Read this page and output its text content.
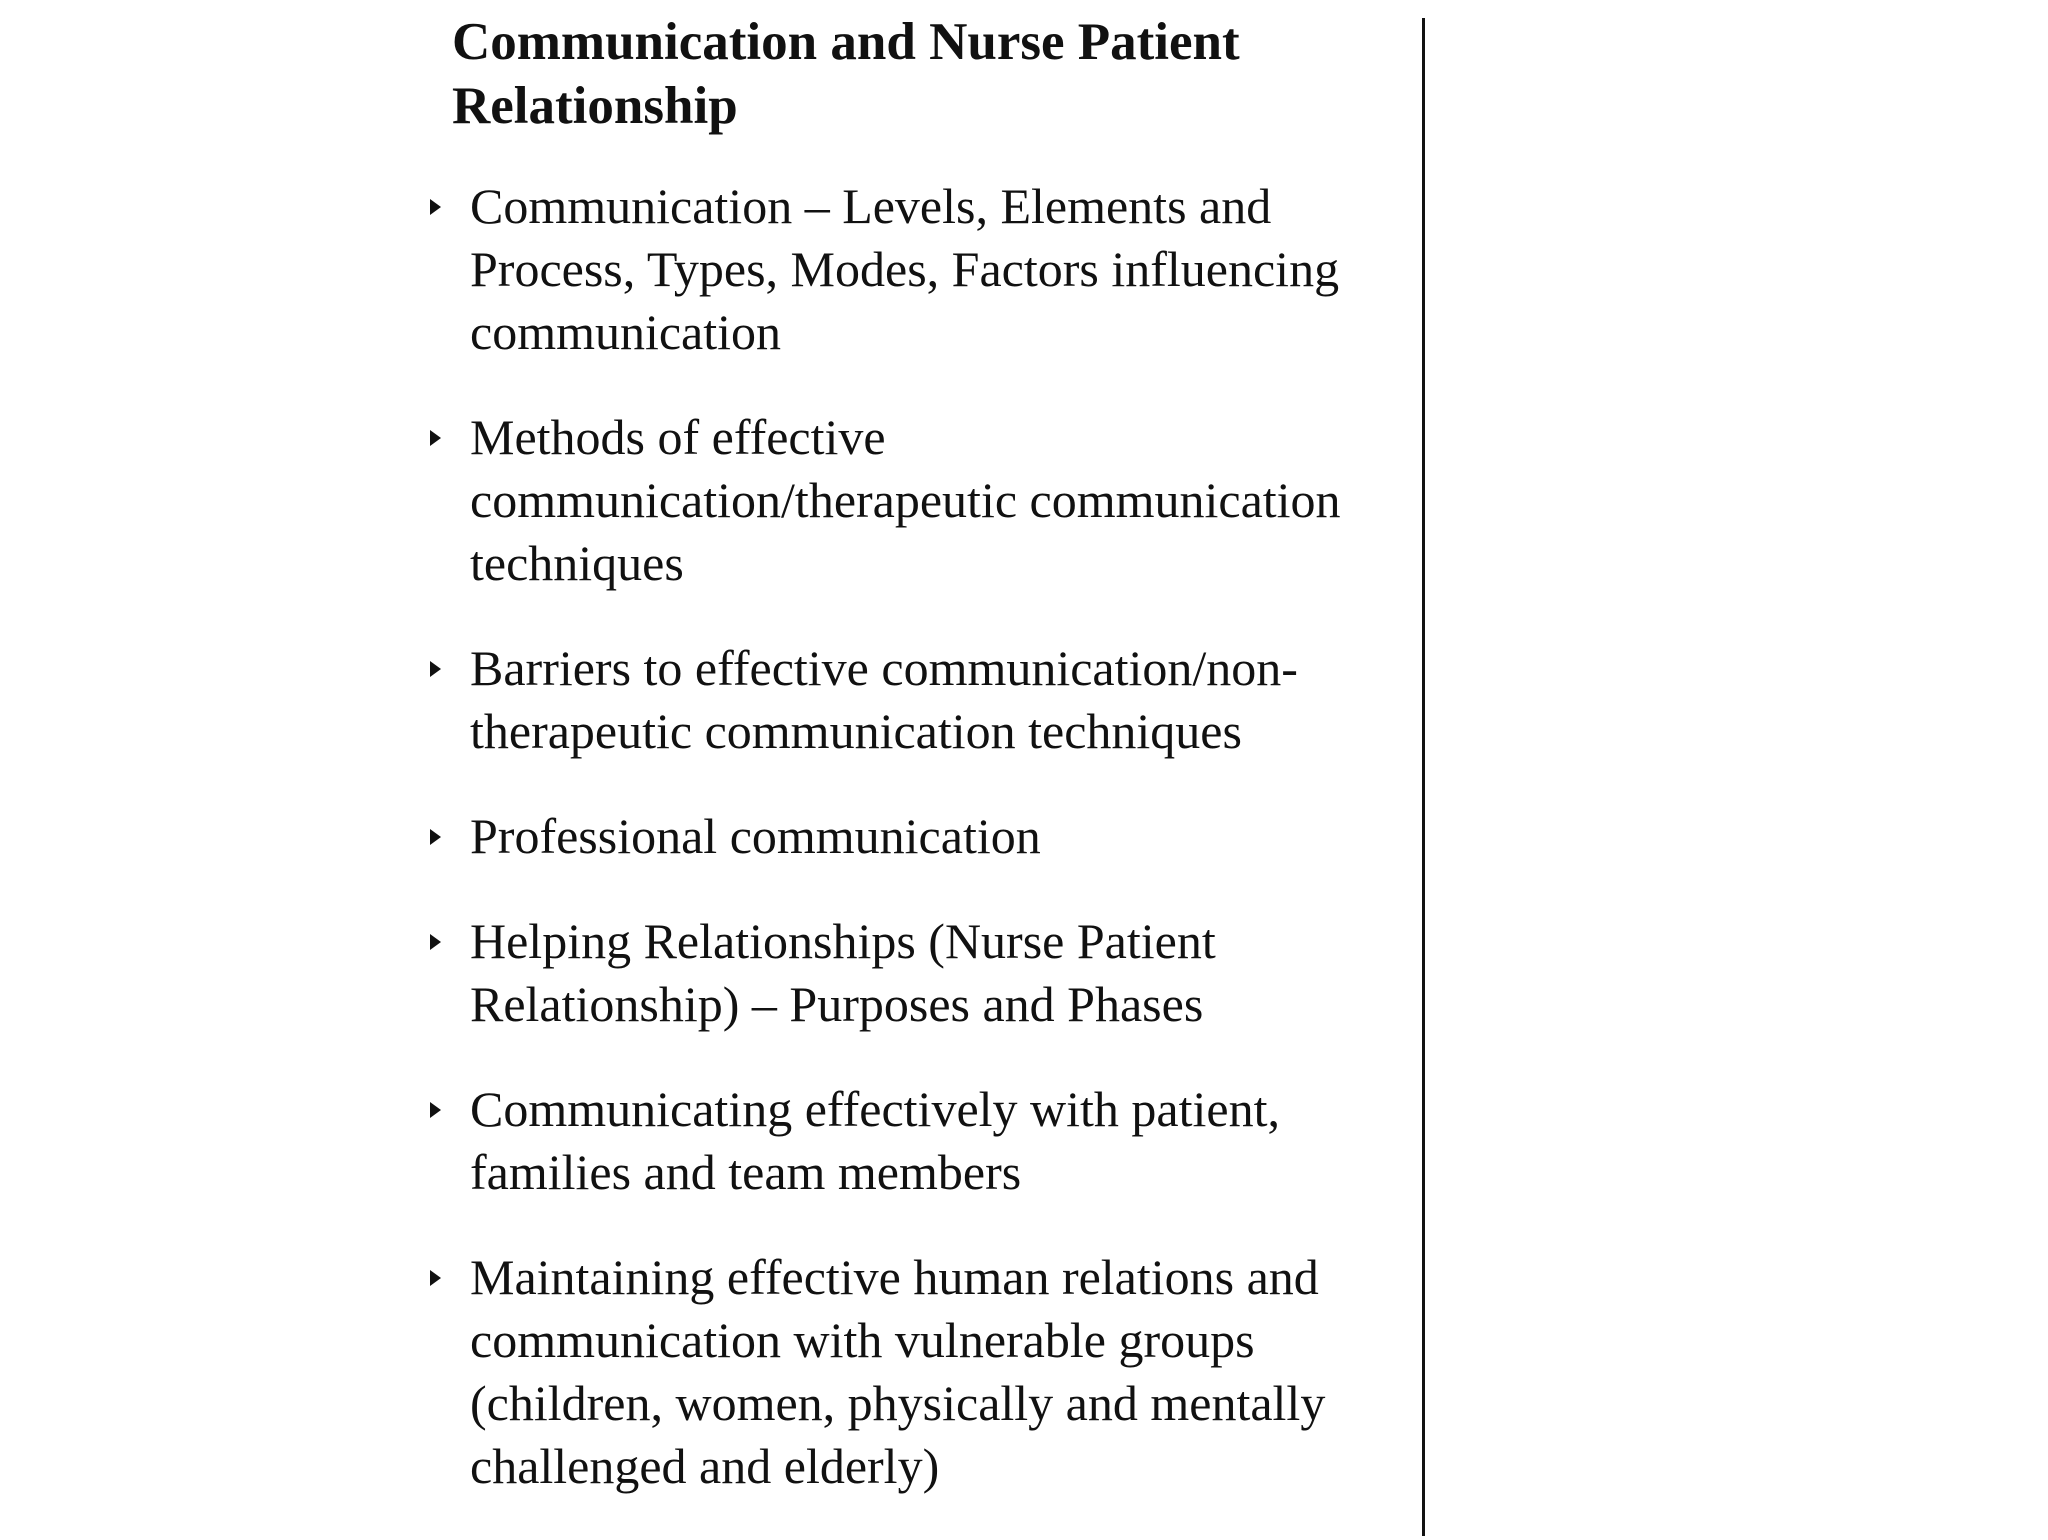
Communication and Nurse Patient Relationship
Communication – Levels, Elements and Process, Types, Modes, Factors influencing communication
Methods of effective communication/therapeutic communication techniques
Barriers to effective communication/non-therapeutic communication techniques
Professional communication
Helping Relationships (Nurse Patient Relationship) – Purposes and Phases
Communicating effectively with patient, families and team members
Maintaining effective human relations and communication with vulnerable groups (children, women, physically and mentally challenged and elderly)
